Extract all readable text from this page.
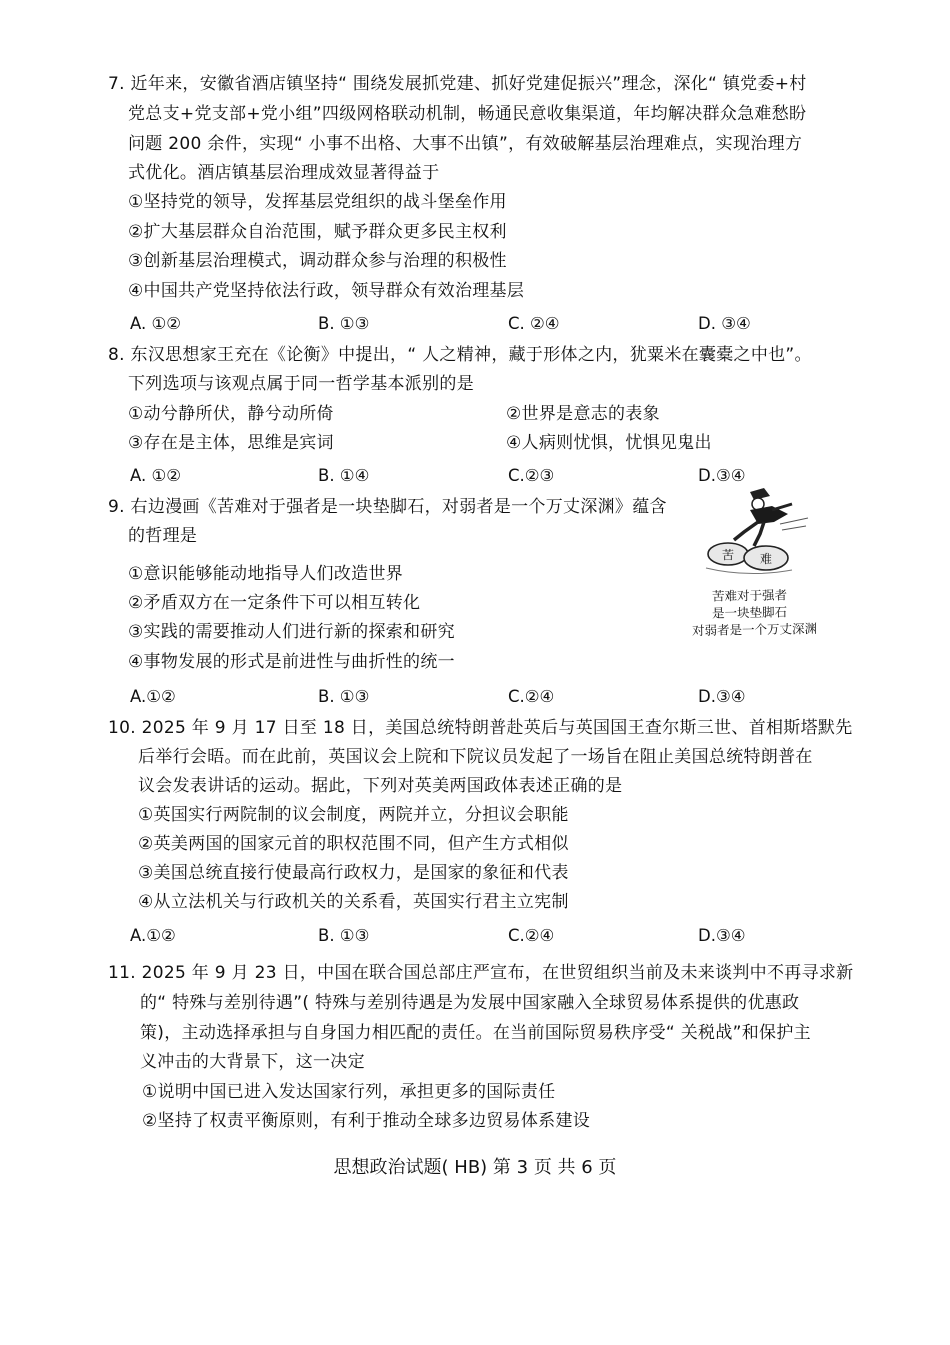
7. 近年来，安徽省酒店镇坚持“ 围绕发展抓党建、抓好党建促振兴”理念，深化“ 镇党委+村
党总支+党支部+党小组”四级网格联动机制，畅通民意收集渠道，年均解决群众急难愁盼
问题 200 余件，实现“ 小事不出格、大事不出镇”，有效破解基层治理难点，实现治理方
式优化。酒店镇基层治理成效显著得益于
①坚持党的领导，发挥基层党组织的战斗堡垒作用
②扩大基层群众自治范围，赋予群众更多民主权利
③创新基层治理模式，调动群众参与治理的积极性
④中国共产党坚持依法行政，领导群众有效治理基层
A. ①②	B. ①③	C. ②④	D. ③④
8. 东汉思想家王充在《论衡》中提出，“ 人之精神，藏于形体之内，犹粟米在囊橐之中也”。
下列选项与该观点属于同一哲学基本派别的是
①动兮静所伏，静兮动所倚	②世界是意志的表象
③存在是主体，思维是宾词	④人病则忧惧，忧惧见鬼出
A. ①②	B. ①④	C.②③	D.③④
9. 右边漫画《苦难对于强者是一块垫脚石，对弱者是一个万丈深渊》蕴含
的哲理是
①意识能够能动地指导人们改造世界
②矛盾双方在一定条件下可以相互转化
③实践的需要推动人们进行新的探索和研究
④事物发展的形式是前进性与曲折性的统一
苦 难
苦难对于强者
是一块垫脚石
对弱者是一个万丈深渊
A.①②	B. ①③	C.②④	D.③④
10. 2025 年 9 月 17 日至 18 日，美国总统特朗普赴英后与英国国王查尔斯三世、首相斯塔默先
后举行会晤。而在此前，英国议会上院和下院议员发起了一场旨在阻止美国总统特朗普在
议会发表讲话的运动。据此，下列对英美两国政体表述正确的是
①英国实行两院制的议会制度，两院并立，分担议会职能
②英美两国的国家元首的职权范围不同，但产生方式相似
③美国总统直接行使最高行政权力，是国家的象征和代表
④从立法机关与行政机关的关系看，英国实行君主立宪制
A.①②	B. ①③	C.②④	D.③④
11. 2025 年 9 月 23 日，中国在联合国总部庄严宣布，在世贸组织当前及未来谈判中不再寻求新
的“ 特殊与差别待遇”( 特殊与差别待遇是为发展中国家融入全球贸易体系提供的优惠政
策)，主动选择承担与自身国力相匹配的责任。在当前国际贸易秩序受“ 关税战”和保护主
义冲击的大背景下，这一决定
①说明中国已进入发达国家行列，承担更多的国际责任
②坚持了权责平衡原则，有利于推动全球多边贸易体系建设
思想政治试题( HB) 第 3 页 共 6 页
